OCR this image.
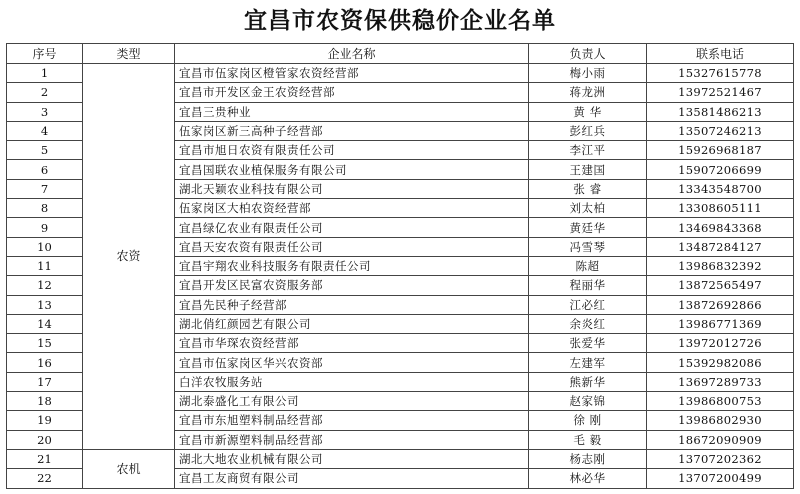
宜昌市农资保供稳价企业名单
序号	类型	企业名称	负责人	联系电话
1	农资	宜昌市伍家岗区橙管家农资经营部	梅小雨	15327615778
2		宜昌市开发区金王农资经营部	蒋龙洲	13972521467
3		宜昌三贵种业	黄 华	13581486213
4		伍家岗区新三高种子经营部	彭红兵	13507246213
5		宜昌市旭日农资有限责任公司	李江平	15926968187
6		宜昌国联农业植保服务有限公司	王建国	15907206699
7		湖北天颖农业科技有限公司	张 睿	13343548700
8		伍家岗区大柏农资经营部	刘太柏	13308605111
9		宜昌绿亿农业有限责任公司	黄廷华	13469843368
10		宜昌天安农资有限责任公司	冯雪琴	13487284127
11		宜昌宇翔农业科技服务有限责任公司	陈超	13986832392
12		宜昌开发区民富农资服务部	程丽华	13872565497
13		宜昌先民种子经营部	江必红	13872692866
14		湖北俏红颜园艺有限公司	余炎红	13986771369
15		宜昌市华琛农资经营部	张爱华	13972012726
16		宜昌市伍家岗区华兴农资部	左建军	15392982086
17		白洋农牧服务站	熊新华	13697289733
18		湖北泰盛化工有限公司	赵家锦	13986800753
19		宜昌市东旭塑料制品经营部	徐 刚	13986802930
20		宜昌市新源塑料制品经营部	毛 毅	18672090909
21	农机	湖北大地农业机械有限公司	杨志刚	13707202362
22		宜昌工友商贸有限公司	林必华	13707200499
